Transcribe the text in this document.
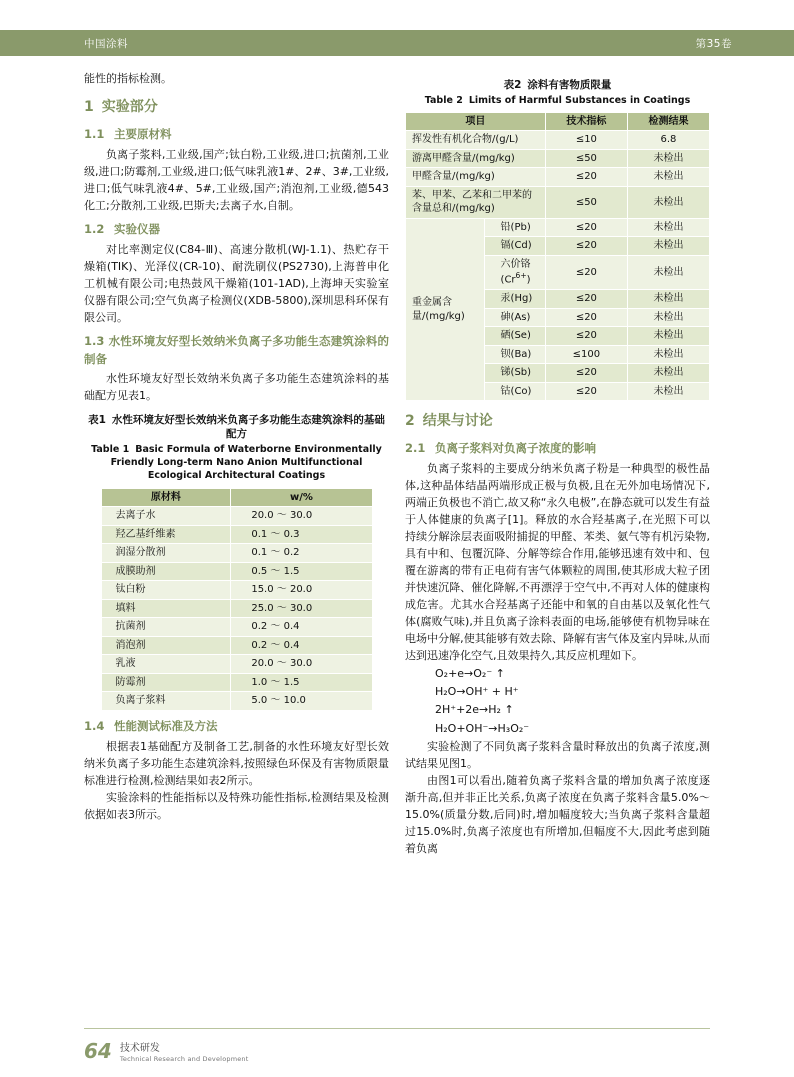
中国涂料	第35卷

能性的指标检测。

1 实验部分
1.1 主要原材料

负离子浆料,工业级,国产;钛白粉,工业级,进口;抗菌剂,工业级,进口;防霉剂,工业级,进口;低气味乳液1#、2#、3#,工业级,进口;低气味乳液4#、5#,工业级,国产;消泡剂,工业级,德543化工;分散剂,工业级,巴斯夫;去离子水,自制。

1.2 实验仪器

对比率测定仪(C84-Ⅲ)、高速分散机(WJ-1.1)、热贮存干燥箱(TIK)、光泽仪(CR-10)、耐洗刷仪(PS2730),上海普申化工机械有限公司;电热鼓风干燥箱(101-1AD),上海坤天实验室仪器有限公司;空气负离子检测仪(XDB-5800),深圳思科环保有限公司。

1.3 水性环境友好型长效纳米负离子多功能生态建筑涂料的制备

水性环境友好型长效纳米负离子多功能生态建筑涂料的基础配方见表1。

表1 水性环境友好型长效纳米负离子多功能生态建筑涂料的基础配方
Table 1 Basic Formula of Waterborne Environmentally Friendly Long-term Nano Anion Multifunctional Ecological Architectural Coatings
原材料	w/%
去离子水	20.0 ～ 30.0
羟乙基纤维素	0.1 ～ 0.3
润湿分散剂	0.1 ～ 0.2
成膜助剂	0.5 ～ 1.5
钛白粉	15.0 ～ 20.0
填料	25.0 ～ 30.0
抗菌剂	0.2 ～ 0.4
消泡剂	0.2 ～ 0.4
乳液	20.0 ～ 30.0
防霉剂	1.0 ～ 1.5
负离子浆料	5.0 ～ 10.0
1.4 性能测试标准及方法

根据表1基础配方及制备工艺,制备的水性环境友好型长效纳米负离子多功能生态建筑涂料,按照绿色环保及有害物质限量标准进行检测,检测结果如表2所示。

实验涂料的性能指标以及特殊功能性指标,检测结果及检测依据如表3所示。

表2 涂料有害物质限量
Table 2 Limits of Harmful Substances in Coatings
项目		技术指标	检测结果
挥发性有机化合物/(g/L)		≤10	6.8
游离甲醛含量/(mg/kg)		≤50	未检出
甲醛含量/(mg/kg)		≤20	未检出
苯、甲苯、乙苯和二甲苯的含量总和/(mg/kg)		≤50	未检出
重金属含量/(mg/kg)	铅(Pb)	≤20	未检出
	镉(Cd)	≤20	未检出
	六价铬$(Cr^{6+})$	≤20	未检出
	汞(Hg)	≤20	未检出
	砷(As)	≤20	未检出
	硒(Se)	≤20	未检出
	钡(Ba)	≤100	未检出
	锑(Sb)	≤20	未检出
	钴(Co)	≤20	未检出
2 结果与讨论
2.1 负离子浆料对负离子浓度的影响

负离子浆料的主要成分纳米负离子粉是一种典型的极性晶体,这种晶体结晶两端形成正极与负极,且在无外加电场情况下,两端正负极也不消亡,故又称“永久电极”,在静态就可以发生有益于人体健康的负离子[1]。释放的水合羟基离子,在光照下可以持续分解涂层表面吸附捕捉的甲醛、苯类、氨气等有机污染物,具有中和、包覆沉降、分解等综合作用,能够迅速有效中和、包覆在游离的带有正电荷有害气体颗粒的周围,使其形成大粒子团并快速沉降、催化降解,不再漂浮于空气中,不再对人体的健康构成危害。尤其水合羟基离子还能中和氧的自由基以及氧化性气体(腐败气味),并且负离子涂料表面的电场,能够使有机物异味在电场中分解,使其能够有效去除、降解有害气体及室内异味,从而达到迅速净化空气,且效果持久,其反应机理如下。

O₂+e→O₂⁻ ↑

H₂O→OH⁺ + H⁺

2H⁺+2e→H₂ ↑

H₂O+OH⁻→H₃O₂⁻

实验检测了不同负离子浆料含量时释放出的负离子浓度,测试结果见图1。

由图1可以看出,随着负离子浆料含量的增加负离子浓度逐渐升高,但并非正比关系,负离子浓度在负离子浆料含量5.0%～15.0%(质量分数,后同)时,增加幅度较大;当负离子浆料含量超过15.0%时,负离子浓度也有所增加,但幅度不大,因此考虑到随着负离

64 技术研发
Technical Research and Development
